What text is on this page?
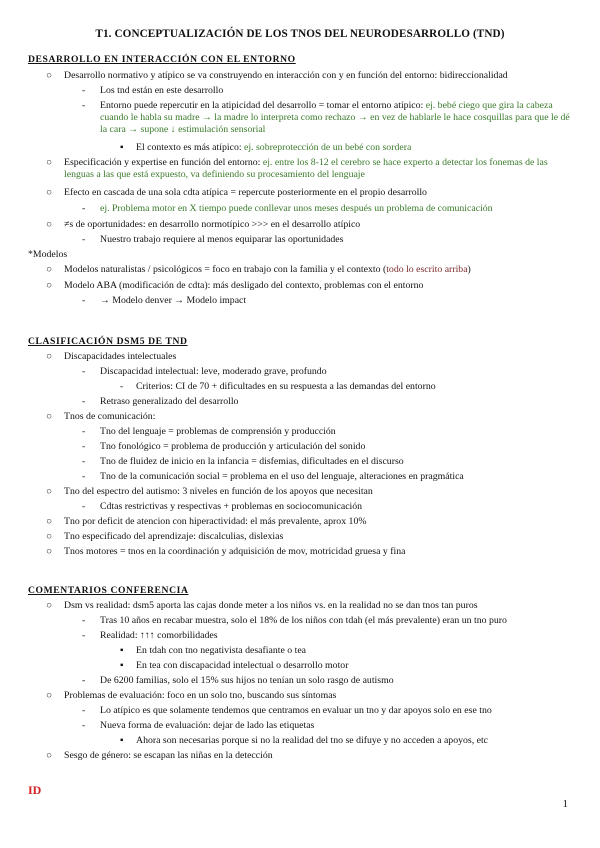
T1. CONCEPTUALIZACIÓN DE LOS TNOS DEL NEURODESARROLLO (TND)
DESARROLLO EN INTERACCIÓN CON EL ENTORNO
○ Desarrollo normativo y atípico se va construyendo en interacción con y en función del entorno: bidireccionalidad
- Los tnd están en este desarrollo
- Entorno puede repercutir en la atipicidad del desarrollo = tomar el entorno atípico: ej. bebé ciego que gira la cabeza cuando le habla su madre → la madre lo interpreta como rechazo → en vez de hablarle le hace cosquillas para que le dé la cara → supone ↓ estimulación sensorial
▪ El contexto es más atípico: ej. sobreprotección de un bebé con sordera
○ Especificación y expertise en función del entorno: ej. entre los 8-12 el cerebro se hace experto a detectar los fonemas de las lenguas a las que está expuesto, va definiendo su procesamiento del lenguaje
○ Efecto en cascada de una sola cdta atípica = repercute posteriormente en el propio desarrollo
- ej. Problema motor en X tiempo puede conllevar unos meses después un problema de comunicación
○ ≠s de oportunidades: en desarrollo normotípico >>> en el desarrollo atípico
- Nuestro trabajo requiere al menos equiparar las oportunidades
*Modelos
○ Modelos naturalistas / psicológicos = foco en trabajo con la familia y el contexto (todo lo escrito arriba)
○ Modelo ABA (modificación de cdta): más desligado del contexto, problemas con el entorno
- → Modelo denver → Modelo impact
CLASIFICACIÓN DSM5 DE TND
○ Discapacidades intelectuales
- Discapacidad intelectual: leve, moderado grave, profundo
- Criterios: CI de 70 + dificultades en su respuesta a las demandas del entorno
- Retraso generalizado del desarrollo
○ Tnos de comunicación:
- Tno del lenguaje = problemas de comprensión y producción
- Tno fonológico = problema de producción y articulación del sonido
- Tno de fluidez de inicio en la infancia = disfemias, dificultades en el discurso
- Tno de la comunicación social = problema en el uso del lenguaje, alteraciones en pragmática
○ Tno del espectro del autismo: 3 niveles en función de los apoyos que necesitan
- Cdtas restrictivas y respectivas + problemas en sociocomunicación
○ Tno por deficit de atencion con hiperactividad: el más prevalente, aprox 10%
○ Tno especificado del aprendizaje: discalculias, dislexias
○ Tnos motores = tnos en la coordinación y adquisición de mov, motricidad gruesa y fina
COMENTARIOS CONFERENCIA
○ Dsm vs realidad: dsm5 aporta las cajas donde meter a los niños vs. en la realidad no se dan tnos tan puros
- Tras 10 años en recabar muestra, solo el 18% de los niños con tdah (el más prevalente) eran un tno puro
- Realidad: ↑↑↑ comorbilidades
▪ En tdah con tno negativista desafiante o tea
▪ En tea con discapacidad intelectual o desarrollo motor
- De 6200 familias, solo el 15% sus hijos no tenían un solo rasgo de autismo
○ Problemas de evaluación: foco en un solo tno, buscando sus síntomas
- Lo atípico es que solamente tendemos que centramos en evaluar un tno y dar apoyos solo en ese tno
- Nueva forma de evaluación: dejar de lado las etiquetas
▪ Ahora son necesarias porque si no la realidad del tno se difuye y no acceden a apoyos, etc
○ Sesgo de género: se escapan las niñas en la detección
ID
1
